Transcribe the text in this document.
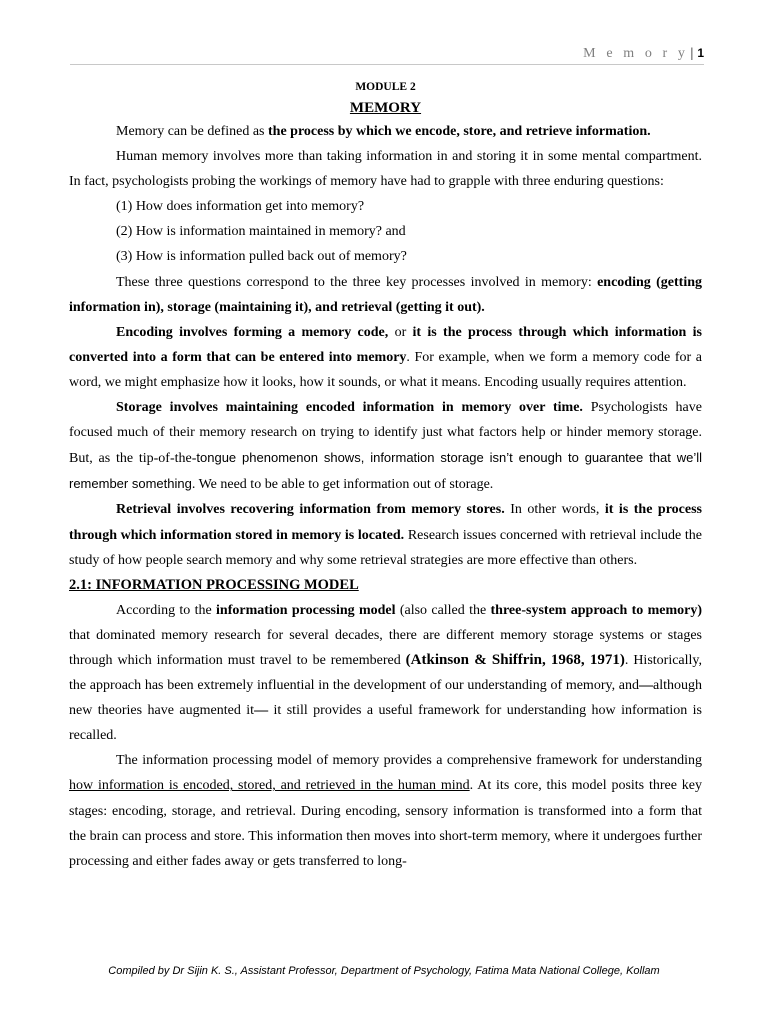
M e m o r y | 1

MODULE 2

MEMORY

Memory can be defined as the process by which we encode, store, and retrieve information.

Human memory involves more than taking information in and storing it in some mental compartment. In fact, psychologists probing the workings of memory have had to grapple with three enduring questions:

(1) How does information get into memory?

(2) How is information maintained in memory? and

(3) How is information pulled back out of memory?

These three questions correspond to the three key processes involved in memory: encoding (getting information in), storage (maintaining it), and retrieval (getting it out).

Encoding involves forming a memory code, or it is the process through which information is converted into a form that can be entered into memory. For example, when we form a memory code for a word, we might emphasize how it looks, how it sounds, or what it means. Encoding usually requires attention.

Storage involves maintaining encoded information in memory over time. Psychologists have focused much of their memory research on trying to identify just what factors help or hinder memory storage. But, as the tip-of-the-tongue phenomenon shows, information storage isn’t enough to guarantee that we’ll remember something. We need to be able to get information out of storage.

Retrieval involves recovering information from memory stores. In other words, it is the process through which information stored in memory is located. Research issues concerned with retrieval include the study of how people search memory and why some retrieval strategies are more effective than others.

2.1: INFORMATION PROCESSING MODEL

According to the information processing model (also called the three-system approach to memory) that dominated memory research for several decades, there are different memory storage systems or stages through which information must travel to be remembered (Atkinson & Shiffrin, 1968, 1971). Historically, the approach has been extremely influential in the development of our understanding of memory, and—although new theories have augmented it— it still provides a useful framework for understanding how information is recalled.

The information processing model of memory provides a comprehensive framework for understanding how information is encoded, stored, and retrieved in the human mind. At its core, this model posits three key stages: encoding, storage, and retrieval. During encoding, sensory information is transformed into a form that the brain can process and store. This information then moves into short-term memory, where it undergoes further processing and either fades away or gets transferred to long-

Compiled by Dr Sijin K. S., Assistant Professor, Department of Psychology, Fatima Mata National College, Kollam
